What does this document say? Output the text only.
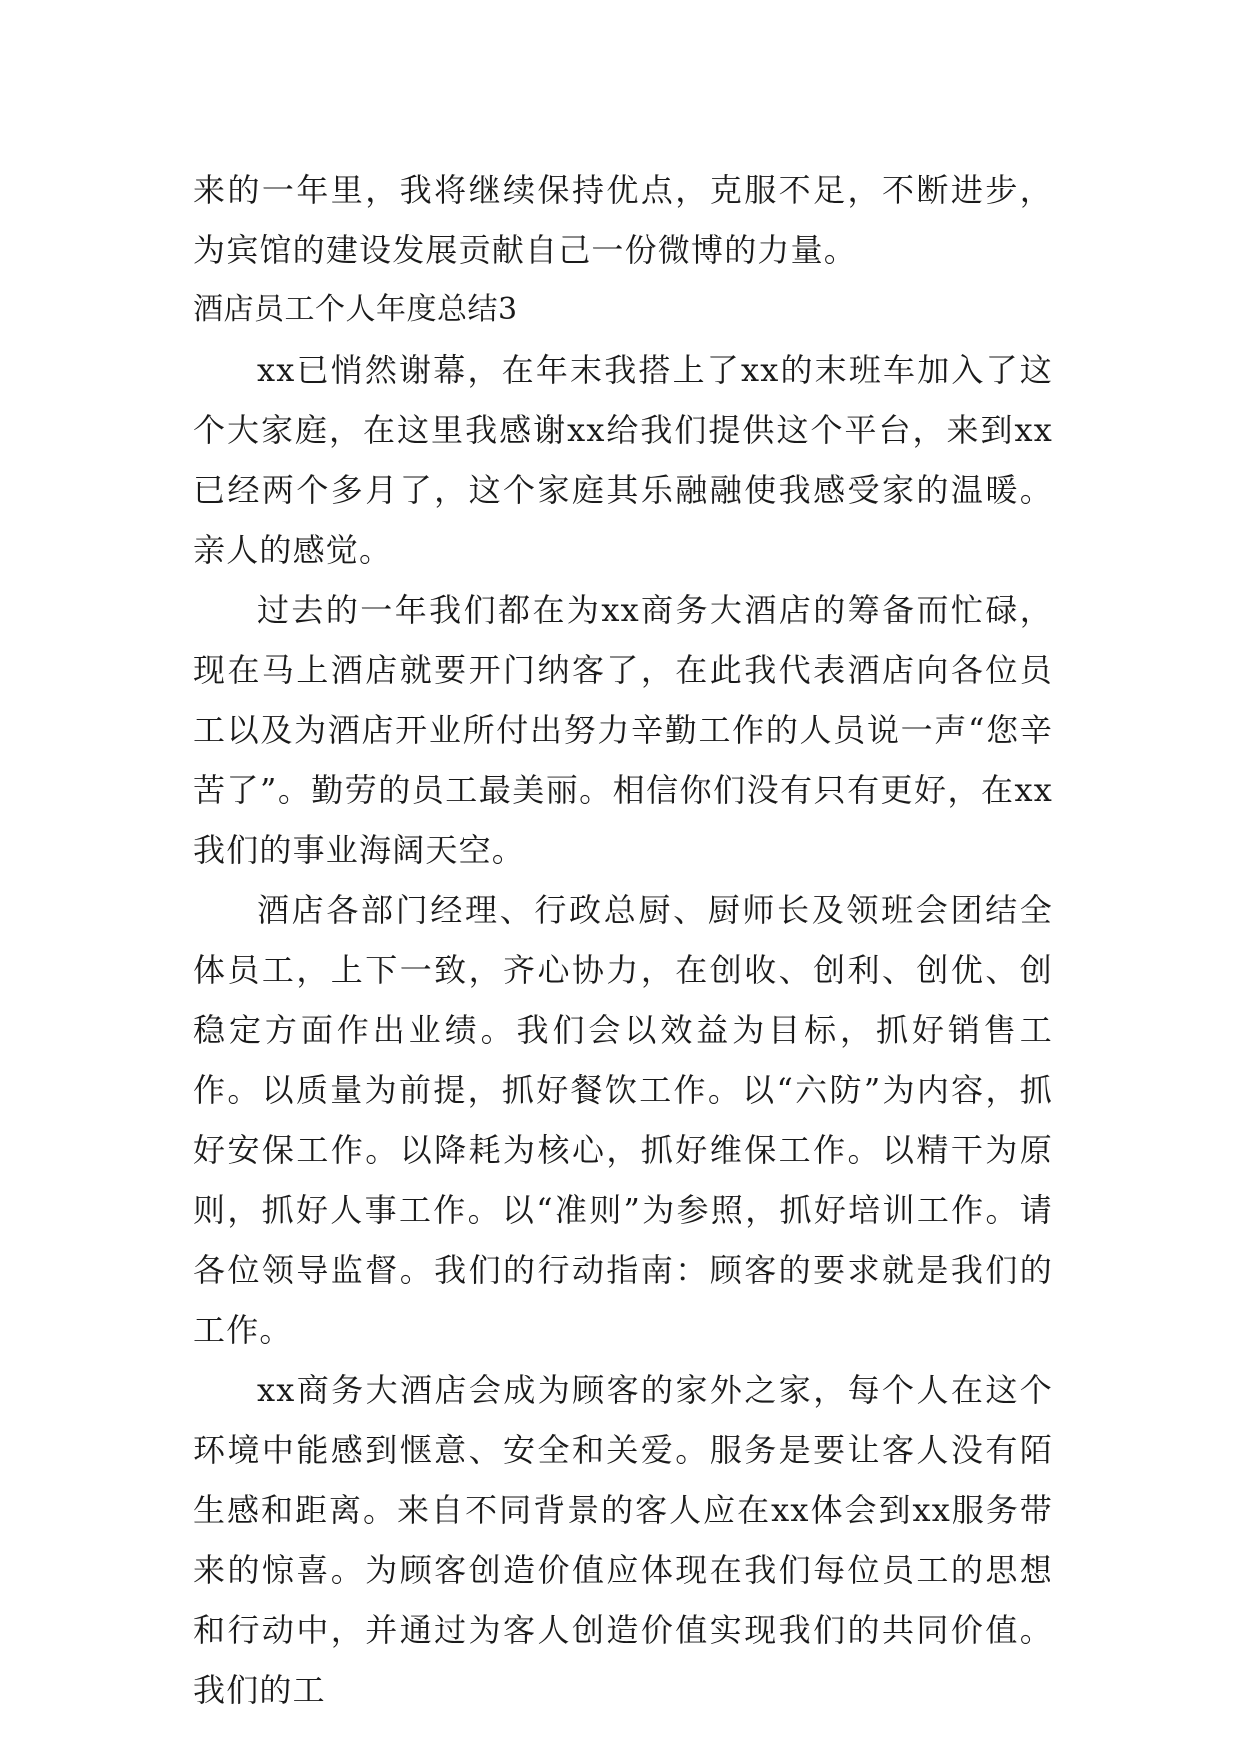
来的一年里，我将继续保持优点，克服不足，不断进步，为宾馆的建设发展贡献自己一份微博的力量。

酒店员工个人年度总结3

xx已悄然谢幕，在年末我搭上了xx的末班车加入了这个大家庭，在这里我感谢xx给我们提供这个平台，来到xx已经两个多月了，这个家庭其乐融融使我感受家的温暖。亲人的感觉。

过去的一年我们都在为xx商务大酒店的筹备而忙碌，现在马上酒店就要开门纳客了，在此我代表酒店向各位员工以及为酒店开业所付出努力辛勤工作的人员说一声“您辛苦了”。勤劳的员工最美丽。相信你们没有只有更好，在xx我们的事业海阔天空。

酒店各部门经理、行政总厨、厨师长及领班会团结全体员工，上下一致，齐心协力，在创收、创利、创优、创稳定方面作出业绩。我们会以效益为目标，抓好销售工作。以质量为前提，抓好餐饮工作。以“六防”为内容，抓好安保工作。以降耗为核心，抓好维保工作。以精干为原则，抓好人事工作。以“准则”为参照，抓好培训工作。请各位领导监督。我们的行动指南：顾客的要求就是我们的工作。

xx商务大酒店会成为顾客的家外之家，每个人在这个环境中能感到惬意、安全和关爱。服务是要让客人没有陌生感和距离。来自不同背景的客人应在xx体会到xx服务带来的惊喜。为顾客创造价值应体现在我们每位员工的思想和行动中，并通过为客人创造价值实现我们的共同价值。我们的工
